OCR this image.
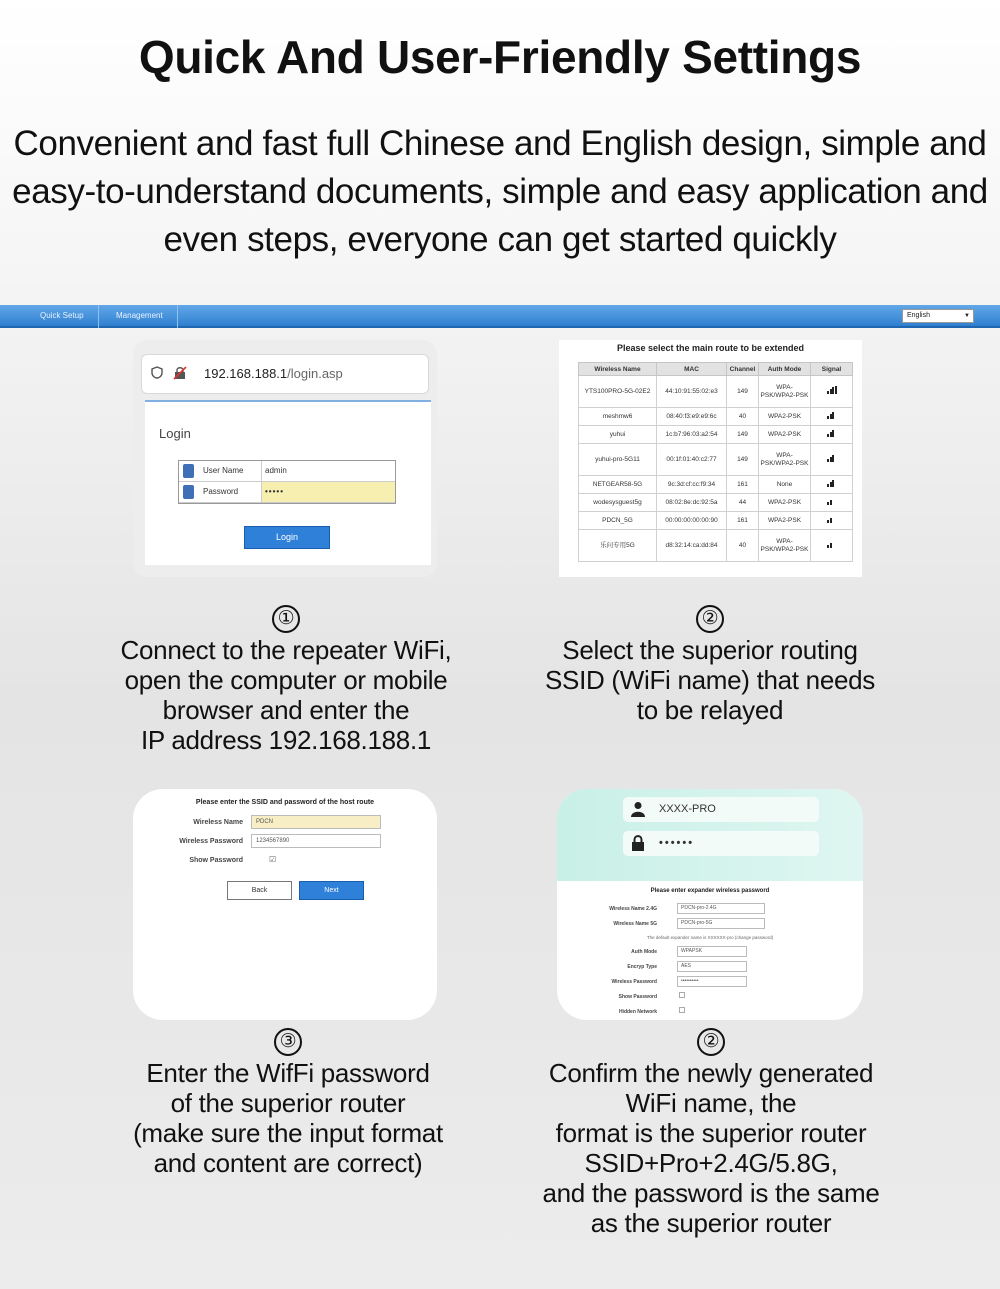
Quick And User-Friendly Settings
Convenient and fast full Chinese and English design, simple and easy-to-understand documents, simple and easy application and even steps, everyone can get started quickly
Quick Setup	Management	English	▼
192.168.188.1/login.asp
Login
User Name	admin
Password	•••••
Login
①
Connect to the repeater WiFi,
open the computer or mobile
browser and enter the
IP address 192.168.188.1
Please select the main route to be extended
Wireless Name	MAC	Channel	Auth Mode	Signal
YTS100PRO-5G-02E2	44:10:91:55:02:e3	149	WPA-PSK/WPA2-PSK	

meshmw6	08:40:f3:e9:e9:6c	40	WPA2-PSK	

yuhui	1c:b7:96:03:a2:54	149	WPA2-PSK	

yuhui-pro-5G11	00:1f:01:40:c2:77	149	WPA-PSK/WPA2-PSK	

NETGEAR58-5G	9c:3d:cf:cc:f9:34	161	None	

wodesysguest5g	08:02:8e:dc:92:5a	44	WPA2-PSK	

PDCN_5G	00:00:00:00:00:90	161	WPA2-PSK	

乐问专用5G	d8:32:14:ca:dd:84	40	WPA-PSK/WPA2-PSK	
②
Select the superior routing
SSID (WiFi name) that needs
to be relayed
Please enter the SSID and password of the host route
Wireless Name	PDCN
Wireless Password	1234567890
Show Password	☑
Back	Next
③
Enter the WifFi password
of the superior router
(make sure the input format
and content are correct)
XXXX-PRO
••••••
Please enter expander wireless password
Wireless Name 2.4G	PDCN-pro-2.4G
Wireless Name 5G	PDCN-pro-5G
The default expander name is XXXXXX-pro (change password)
Auth Mode	WPAPSK
Encryp Type	AES
Wireless Password	••••••••••
Show Password
Hidden Network
②
Confirm the newly generated
WiFi name, the
format is the superior router
SSID+Pro+2.4G/5.8G,
and the password is the same
as the superior router
